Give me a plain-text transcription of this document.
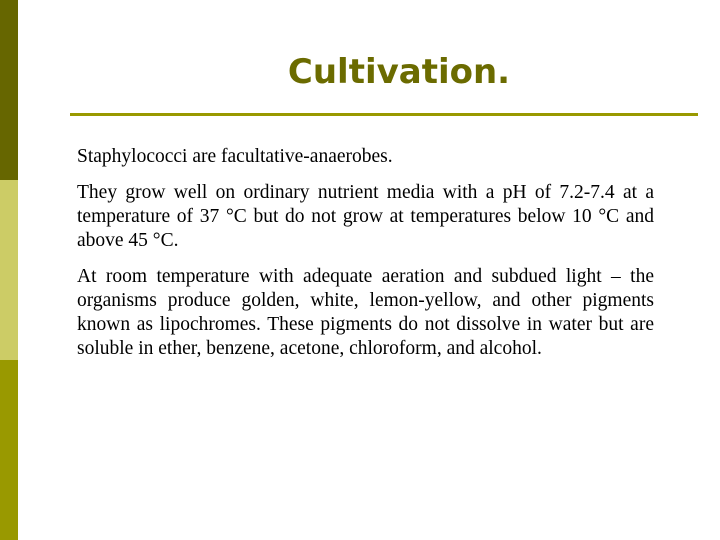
Cultivation.

Staphylococci are facultative-anaerobes.

They grow well on ordinary nutrient media with a pH of 7.2-7.4 at a temperature of 37 °C but do not grow at temperatures below 10 °C and above 45 °C.

At room temperature with adequate aeration and subdued light – the organisms produce golden, white, lemon-yellow, and other pigments known as lipochromes. These pigments do not dissolve in water but are soluble in ether, benzene, acetone, chloroform, and alcohol.
